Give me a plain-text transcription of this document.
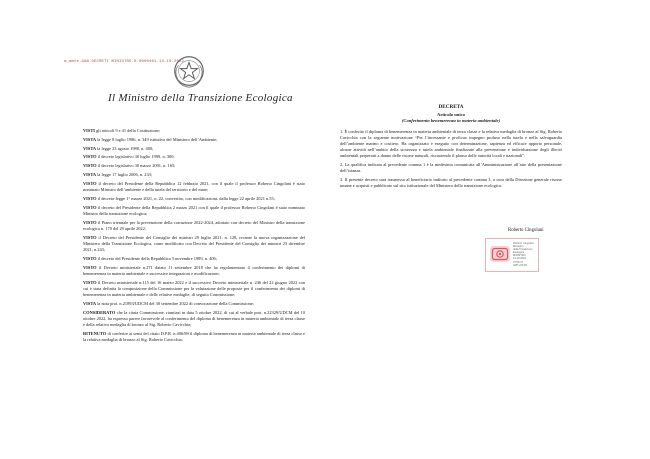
m_amte.GAB.DECRETI MINISTRO.R.0000461.13-10-2022
Il Ministro della Transizione Ecologica

VISTI gli articoli 9 e 41 della Costituzione;

VISTA la legge 8 luglio 1986, n. 349 istitutiva del Ministero dell’Ambiente;

VISTA la legge 23 agosto 1988, n. 400;

VISTO il decreto legislativo 30 luglio 1999, n. 300;

VISTO il decreto legislativo 30 marzo 2001, n. 165;

VISTA la legge 17 luglio 2006, n. 233;

VISTO il decreto del Presidente della Repubblica 12 febbraio 2021, con il quale il professor Roberto Cingolani è stato nominato Ministro dell’ambiente e della tutela del territorio e del mare;

VISTO il decreto-legge 1° marzo 2021, n. 22, convertito, con modificazioni, dalla legge 22 aprile 2021 n.55;

VISTO il decreto del Presidente della Repubblica 2 marzo 2021 con il quale il professor Roberto Cingolani è stato nominato Ministro della transizione ecologica;

VISTO il Piano triennale per la prevenzione della corruzione 2022-2024, adottato con decreto del Ministro della transizione ecologica n. 170 del 29 aprile 2022;

VISTO il Decreto del Presidente del Consiglio dei ministri 29 luglio 2021, n. 128, recante la nuova organizzazione del Ministero della Transizione Ecologica, come modificato con Decreto del Presidente del Consiglio dei ministri 23 dicembre 2021, n.243;

VISTO il decreto del Presidente della Repubblica 5 novembre 1989, n. 406;

VISTO il Decreto ministeriale n.271 datato 11 settembre 2018 che ha regolamentato il conferimento dei diplomi di benemerenza in materia ambientale e successive integrazioni e modificazioni;

VISTO il Decreto ministeriale n.115 del 16 marzo 2022 e il successivo Decreto ministeriale n. 246 del 22 giugno 2022 con cui è stata definita la composizione della Commissione per la valutazione delle proposte per il conferimento dei diplomi di benemerenza in materia ambientale e delle relative medaglie, di seguito Commissione;

VISTA la nota prot. n.21893/UDCM del 30 settembre 2022 di convocazione della Commissione;

CONSIDERATO che la citata Commissione, riunitasi in data 5 ottobre 2022, di cui al verbale prot. n.22329/UDCM del 10 ottobre 2022, ha espresso parere favorevole al conferimento del diploma di benemerenza in materia ambientale di terza classe e della relativa medaglia di bronzo al Sig. Roberto Cavicchia;

RITENUTO di conferire ai sensi del citato D.P.R. n.406/89 il diploma di benemerenza in materia ambientale di terza classe e la relativa medaglia di bronzo al Sig. Roberto Cavicchia;

DECRETA
Articolo unico
(Conferimento benemerenza in materia ambientale)

1. È conferito il diploma di benemerenza in materia ambientale di terza classe e la relativa medaglia di bronzo al Sig. Roberto Cavicchia con la seguente motivazione “Per l’incessante e proficuo impegno profuso nella tutela e nella salvaguardia dell’ambiente marino e costiero. Ha organizzato e eseguito con determinazione, sapienza ed efficace apporto personale, alcune attività nell’ambito della sicurezza e tutela ambientale finalizzate alla prevenzione e individuazione degli illeciti ambientali perpetrati a danno delle risorse naturali, riscuotendo il plauso delle autorità locali e nazionali”.

2. La qualifica indicata al precedente comma 1 è la medesima comunicata all’Amministrazione all’atto della presentazione dell’istanza.

3. Il presente decreto sarà trasmesso al beneficiario indicato al precedente comma 1, a cura della Direzione generale risorse umane e acquisti e pubblicato sul sito istituzionale del Ministero della transizione ecologica.

Roberto Cingolani
Roberto Cingolani
Ministero
della Transizione
Ecologica
MINISTRO
13.10.2022
07:56:17
GMT+00:00
